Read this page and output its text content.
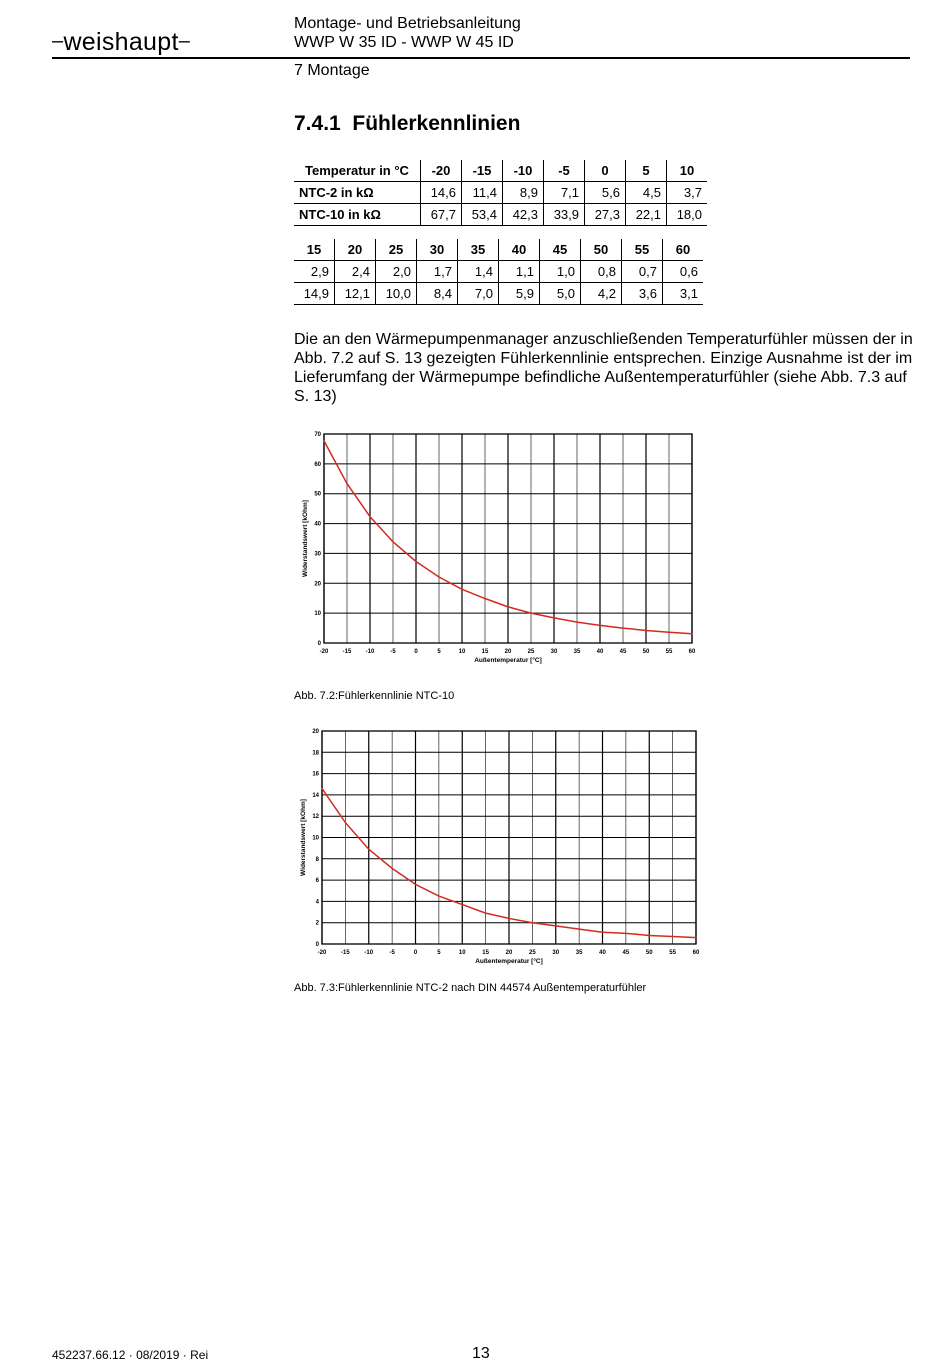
–weishaupt–
Montage- und Betriebsanleitung
WWP W 35 ID - WWP W 45 ID
7 Montage
7.4.1 Fühlerkennlinien
Temperatur in °C	-20	-15	-10	-5	0	5	10
NTC-2 in kΩ	14,6	11,4	8,9	7,1	5,6	4,5	3,7
NTC-10 in kΩ	67,7	53,4	42,3	33,9	27,3	22,1	18,0
15	20	25	30	35	40	45	50	55	60
2,9	2,4	2,0	1,7	1,4	1,1	1,0	0,8	0,7	0,6
14,9	12,1	10,0	8,4	7,0	5,9	5,0	4,2	3,6	3,1
Die an den Wärmepumpenmanager anzuschließenden Temperaturfühler müssen der in Abb. 7.2 auf S. 13 gezeigten Fühlerkennlinie entsprechen. Einzige Ausnahme ist der im Lieferumfang der Wärmepumpe befindliche Außentemperaturfühler (siehe Abb. 7.3 auf S. 13)
-20 -15 -10	-5	0	5	10	15	20	25	30	35	40	45	50	55	60
0
10
20
30
40
50
60
70
Außentemperatur [°C]
Widerstandswert [kOhm]
Abb. 7.2:Fühlerkennlinie NTC-10
-20 -15 -10	-5	0	5	10	15	20	25	30	35	40	45	50	55	60
0
2
4
6
8
10
12
14
16
18
20
Außentemperatur [°C]
Widerstandswert [kOhm]
Abb. 7.3:Fühlerkennlinie NTC-2 nach DIN 44574 Außentemperaturfühler
452237.66.12 · 08/2019 · Rei	13
